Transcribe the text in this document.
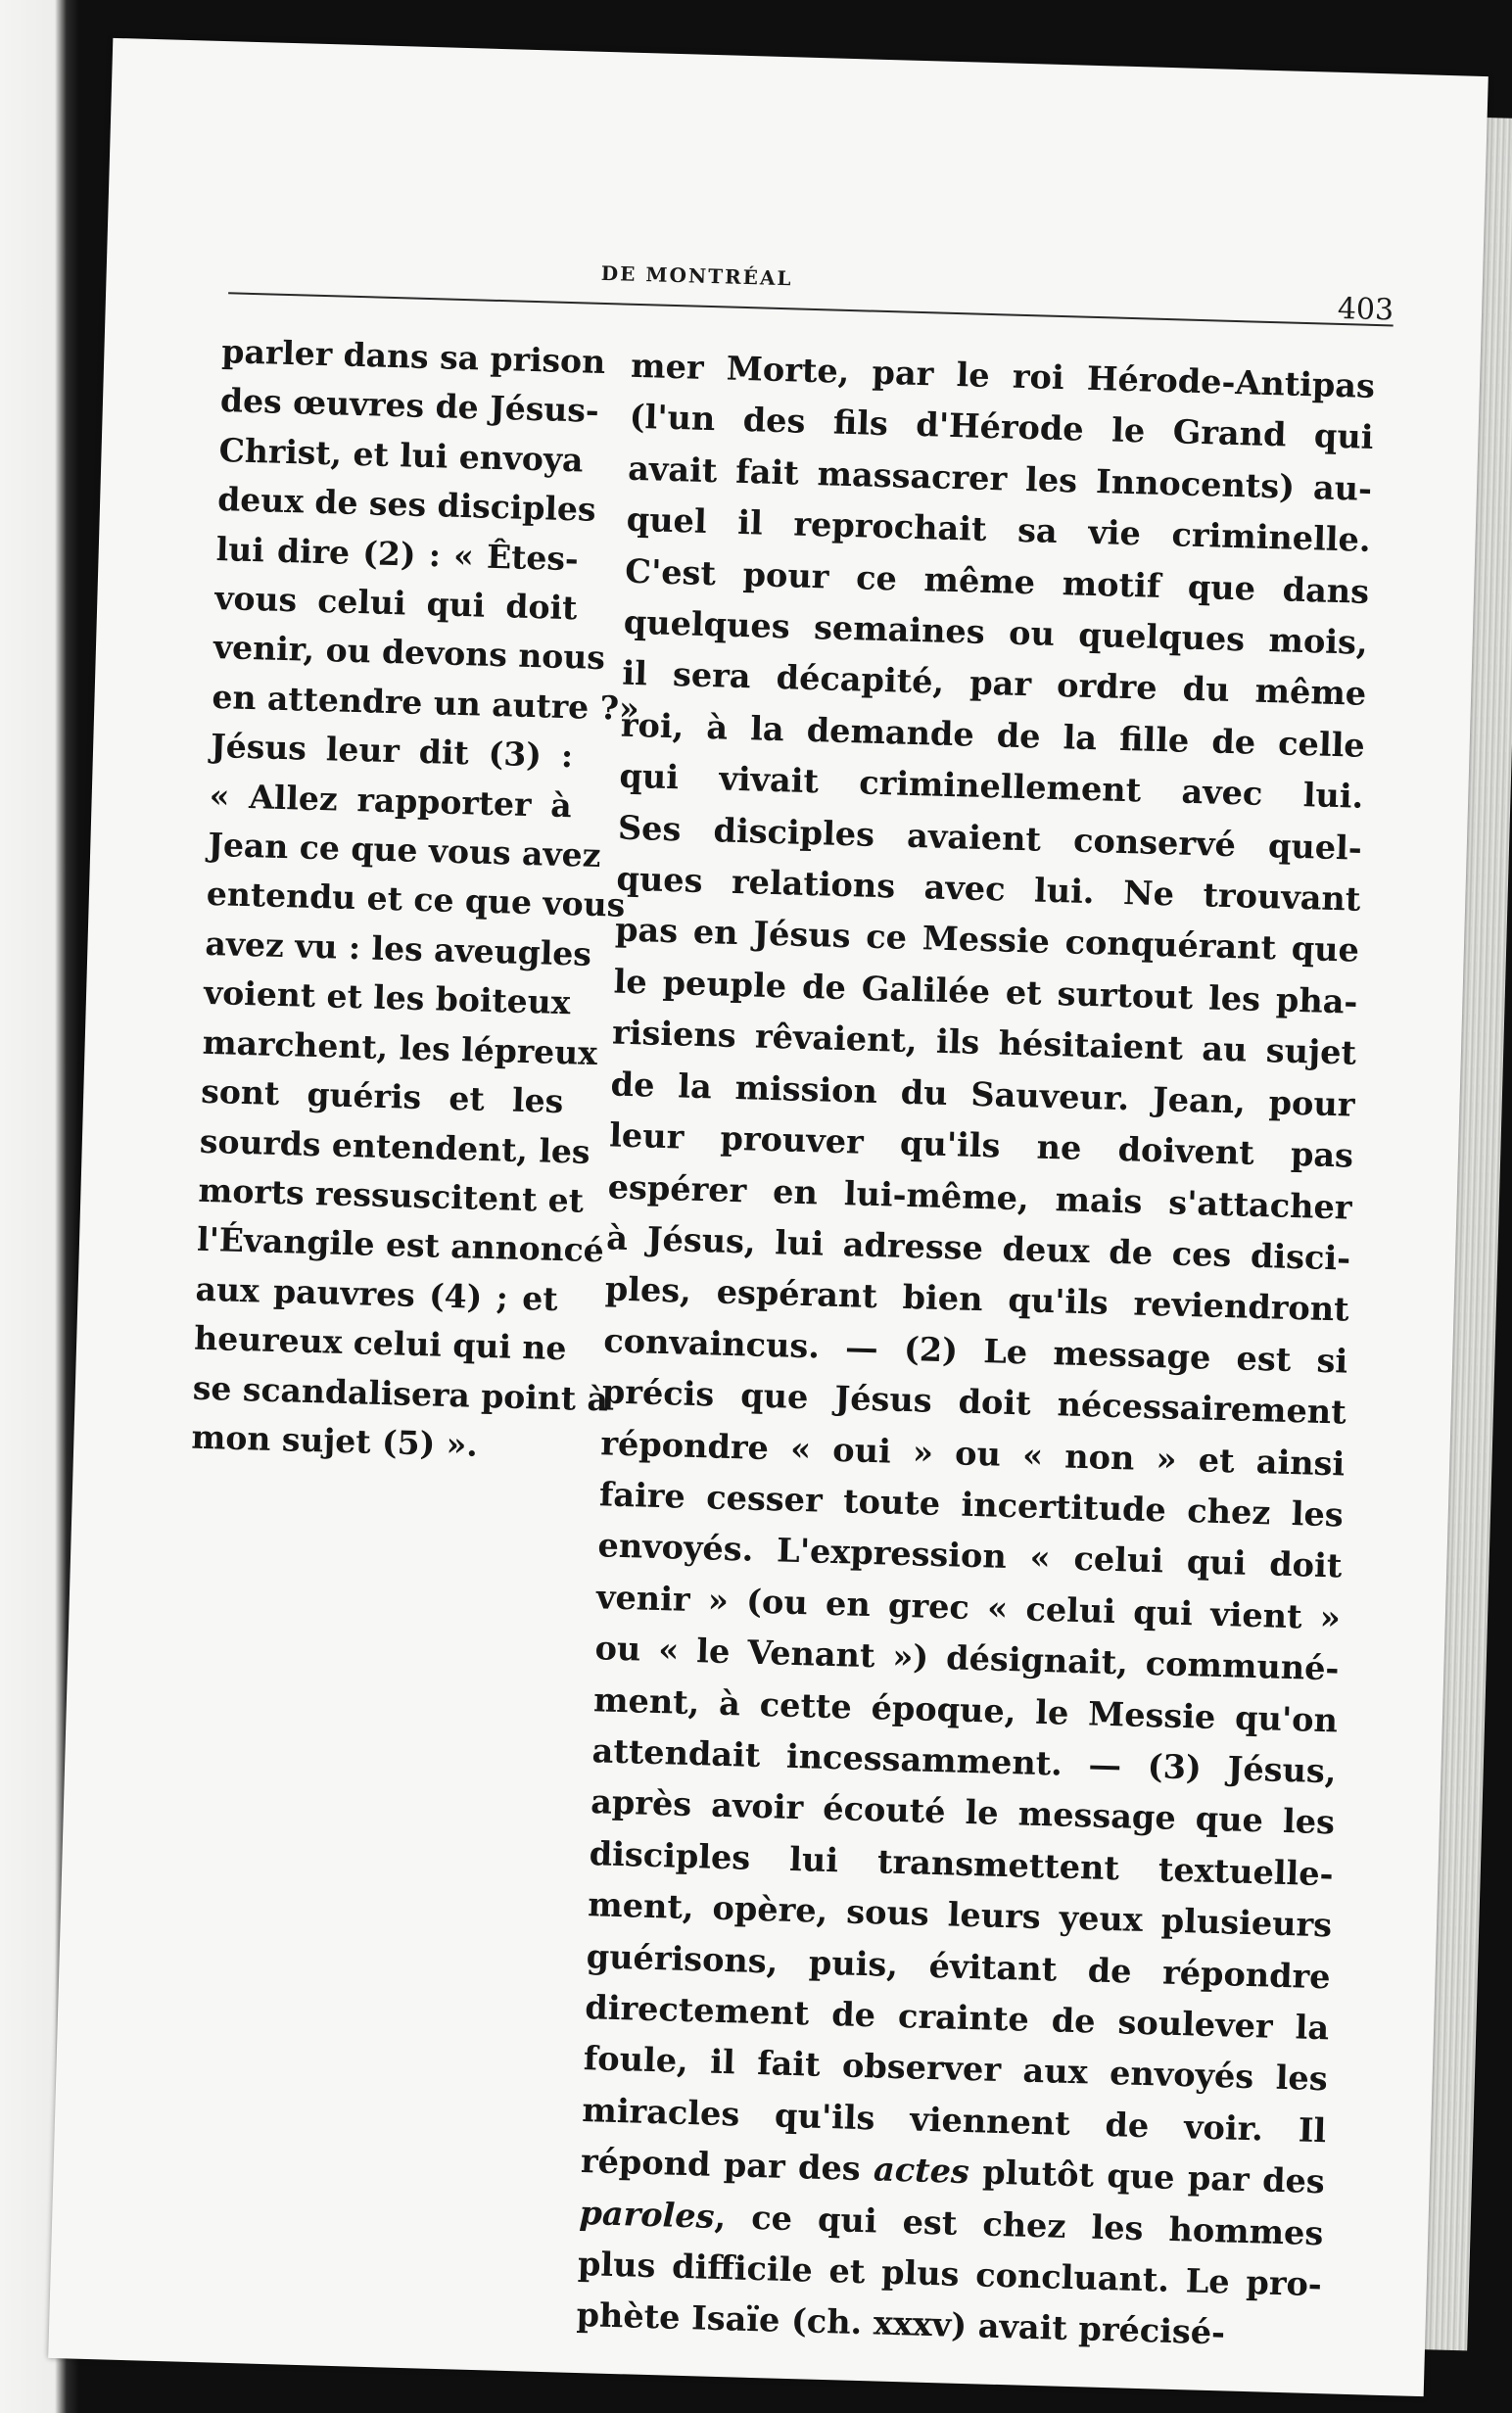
DE MONTRÉAL
403
parler dans sa prison
des œuvres de Jésus-
Christ, et lui envoya
deux de ses disciples
lui dire (2) : « Êtes-
vous celui qui doit
venir, ou devons nous
en attendre un autre ?»
Jésus leur dit (3) :
« Allez rapporter à
Jean ce que vous avez
entendu et ce que vous
avez vu : les aveugles
voient et les boiteux
marchent, les lépreux
sont guéris et les
sourds entendent, les
morts ressuscitent et
l'Évangile est annoncé
aux pauvres (4) ; et
heureux celui qui ne
se scandalisera point à
mon sujet (5) ».
mer Morte, par le roi Hérode-Antipas
(l'un des fils d'Hérode le Grand qui
avait fait massacrer les Innocents) au-
quel il reprochait sa vie criminelle.
C'est pour ce même motif que dans
quelques semaines ou quelques mois,
il sera décapité, par ordre du même
roi, à la demande de la fille de celle
qui vivait criminellement avec lui.
Ses disciples avaient conservé quel-
ques relations avec lui. Ne trouvant
pas en Jésus ce Messie conquérant que
le peuple de Galilée et surtout les pha-
risiens rêvaient, ils hésitaient au sujet
de la mission du Sauveur. Jean, pour
leur prouver qu'ils ne doivent pas
espérer en lui-même, mais s'attacher
à Jésus, lui adresse deux de ces disci-
ples, espérant bien qu'ils reviendront
convaincus. — (2) Le message est si
précis que Jésus doit nécessairement
répondre « oui » ou « non » et ainsi
faire cesser toute incertitude chez les
envoyés. L'expression « celui qui doit
venir » (ou en grec « celui qui vient »
ou « le Venant ») désignait, communé-
ment, à cette époque, le Messie qu'on
attendait incessamment. — (3) Jésus,
après avoir écouté le message que les
disciples lui transmettent textuelle-
ment, opère, sous leurs yeux plusieurs
guérisons, puis, évitant de répondre
directement de crainte de soulever la
foule, il fait observer aux envoyés les
miracles qu'ils viennent de voir. Il
répond par des actes plutôt que par des
paroles, ce qui est chez les hommes
plus difficile et plus concluant. Le pro-
phète Isaïe (ch. xxxv) avait précisé-
